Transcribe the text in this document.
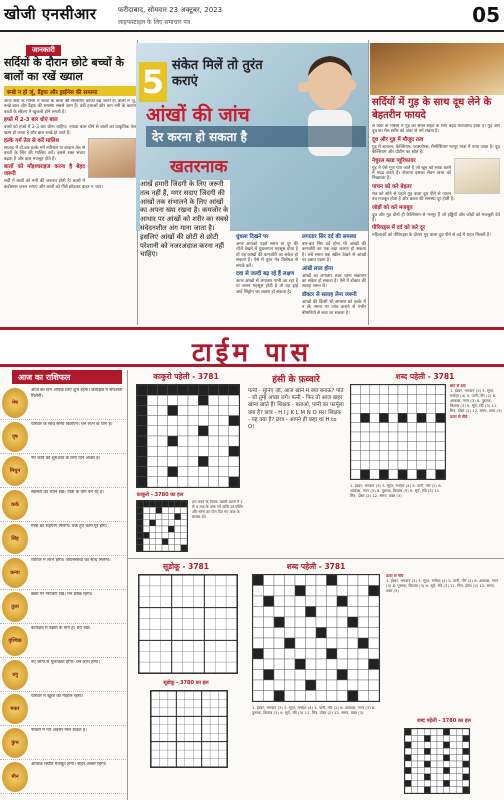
खोजी एनसीआर	फरीदाबाद, सोमवार 23 अक्टूबर, 2023
लाइफस्टाइल के लिए समाचार पत्र	05
जानकारी
सर्दियों के दौरान छोटे बच्चों के बालों का रखें ख्याल
रूखे न हो जूं, डैंड्रफ और ड्राईनेस की समस्या

आज सर्दी के मौसम में बच्चों के बालों की समस्याएं काफी बढ़ जाती हैं। बालों में जूं, रूखे बाल और डैंड्रफ की समस्या सबसे आम है। ठंडी हवाओं और कम नमी के कारण बच्चों के स्कैल्प में खुजली होने लगती है।

हफ्ते में 2-3 बार धोएं बाल

बालों को हफ्ते में 2-3 बार धोना चाहिए। ज्यादा बाल धोने से बालों का प्राकृतिक तेल खत्म हो जाता है और बाल रूखे हो जाते हैं।

हल्के गर्म तेल से करें मालिश

सप्ताह में दो बार हल्के गर्म नारियल या बादाम तेल से बच्चों के सिर की मालिश करें। इससे रक्त संचार बढ़ता है और बाल मजबूत होते हैं।

बालों को मॉइश्चराइज करना है बेहद जरूरी

सर्दी में बालों को नमी की जरूरत होती है। बालों में कंडीशनर जरूर लगाएं और बालों को गीले छोड़कर बाहर न जाएं।

5 संकेत मिलें तो तुरंत कराएं
आंखों की जांच
देर करना हो सकता है
खतरनाक
आंखें हमारी जिंदगी के लिए जरूरी तत्व नहीं हैं, मगर सदाए जिंदगी की आंखों तक संभालने के लिए आंखों का अपना ख्या रखना है। कमजोर के आधार पर आंखों को शरीर का सबसे संवेदनशील अंग माना जाता है। इसलिए आंखों की छोटी से छोटी परेशानी को नजरअंदाज करना नहीं चाहिए।
धुंधला दिखने पर

अगर आपको पढ़ते समय या दूर की चीजें देखने में धुंधलापन महसूस होता है तो यह आंखों की कमजोरी का संकेत हो सकता है। ऐसे में तुरंत नेत्र विशेषज्ञ से संपर्क करें।

दवा से जल्दी बढ़ रहे हैं लक्षण

अगर आंखों से लगातार पानी आ रहा है या जलन महसूस होती है तो यह ड्राई आई सिंड्रोम का लक्षण हो सकता है।

लगातार सिर दर्द की समस्या

बार-बार सिर दर्द होना भी आंखों की कमजोरी का एक बड़ा कारण हो सकता है। लंबे समय तक स्क्रीन देखने से आंखों पर दबाव पड़ता है।

आंखें लाल होना

आंखों का लगातार लाल रहना संक्रमण का संकेत हो सकता है। ऐसे में डॉक्टर की सलाह जरूर लें।

डॉक्टर से सलाह लेना जरूरी

आंखों की किसी भी समस्या को हल्के में न लें। समय पर जांच कराने से गंभीर बीमारियों से बचा जा सकता है।

सर्दियों में गुड़ के साथ दूध लेने के बेहतरीन फायदे

स र्दियों के मौसम में गुड़ का सेवन सेहत के लिए बेहद फायदेमंद होता है। गुड़ और दूध का मेल शरीर को अंदर से गर्म रखता है।

दूध और गुड़ में मौजूद तत्व

गुड़ में आयरन, कैल्शियम, फास्फोरस, मैग्नीशियम भरपूर मात्रा में पाया जाता है। दूध कैल्शियम और प्रोटीन का स्रोत है।

नेचुरल ब्लड प्यूरिफायर

गुड़ में ऐसे गुण पाए जाते हैं जो खून को साफ करने में मदद करते हैं। रोजाना इसका सेवन त्वचा को निखारता है।

पाचन को करे बेहतर

रात को सोने से पहले गुड़ वाला दूध पीने से पाचन तंत्र मजबूत होता है और कब्ज की समस्या दूर होती है।

जोड़ों को करे मजबूत

दूध और गुड़ दोनों ही कैल्शियम से भरपूर हैं जो हड्डियों और जोड़ों को मजबूती देते हैं।

पीरियड्स में दर्द को करे दूर

महिलाओं को पीरियड्स के दौरान गुड़ वाला दूध पीने से दर्द में राहत मिलती है।

टाईम पास
आज का राशिफल
मेष
आज का दिन आपके लिए शुभ रहेगा। कार्यक्षेत्र में सफलता मिलेगी।
वृष
परिवार के साथ समय बिताएंगे। धन लाभ के योग हैं।
मिथुन
नए कार्य की शुरुआत के लिए दिन अच्छा है।
कर्क
स्वास्थ्य का ध्यान रखें। यात्रा के योग बन रहे हैं।
सिंह
मित्रों का सहयोग मिलेगा। रुके हुए काम पूरे होंगे।
कन्या
व्यापार में लाभ होगा। जीवनसाथी का साथ मिलेगा।
तुला
खर्चों पर नियंत्रण रखें। मन प्रसन्न रहेगा।
वृश्चिक
कार्यक्षेत्र में उन्नति के योग हैं। धैर्य रखें।
धनु
नए लोगों से मुलाकात होगी। धन लाभ होगा।
मकर
परिवार में खुशी का माहौल रहेगा।
कुंभ
नौकरी में नए अवसर मिल सकते हैं।
मीन
आर्थिक स्थिति मजबूत होगी। सेहत अच्छी रहेगी।
काकुरो पहेली - 3781
काकुरो - 3780 का हल
हल करने के नियम: खाली खानों में 1 से 9 तक के अंक भरें ताकि हर पंक्ति और स्तंभ का योग दिए गए अंक के बराबर हो।
हंसी के फ़व्वारे
पत्नी - सुनिए जी, आज खाने में क्या बनाऊं? पति - जो तुम्हें अच्छा लगे। पत्नी - फिर तो आज बाहर खाना खाते हैं! शिक्षक - बताओ, पानी का फार्मूला क्या है? छात्र - H I J K L M N O सर! शिक्षक - यह क्या है? छात्र - आपने ही कहा था H to O!
शब्द पहेली - 3781
बाएं से दाएं
1. ईश्वर, भगवान (3) 3. सुंदर, मनोहर (4) 5. पानी, नीर (2) 6. आकाश, गगन (3) 8. पुस्तक, किताब (3) 9. सूर्य, रवि (3) 11. मित्र, दोस्त (2) 12. समय, वक्त (3)
ऊपर से नीचे
1. ईश्वर, भगवान (3) 3. सुंदर, मनोहर (4) 5. पानी, नीर (2) 6. आकाश, गगन (3) 8. पुस्तक, किताब (3) 9. सूर्य, रवि (3) 11. मित्र, दोस्त (2) 12. समय, वक्त (3)
सूडोकू - 3781
सूडोकू - 3780 का हल
शब्द पहेली - 3781
1. ईश्वर, भगवान (3) 3. सुंदर, मनोहर (4) 5. पानी, नीर (2) 6. आकाश, गगन (3) 8. पुस्तक, किताब (3) 9. सूर्य, रवि (3) 11. मित्र, दोस्त (2) 12. समय, वक्त (3)
ऊपर से नीचे
1. ईश्वर, भगवान (3) 3. सुंदर, मनोहर (4) 5. पानी, नीर (2) 6. आकाश, गगन (3) 8. पुस्तक, किताब (3) 9. सूर्य, रवि (3) 11. मित्र, दोस्त (2) 12. समय, वक्त (3)
शब्द पहेली - 3780 का हल
